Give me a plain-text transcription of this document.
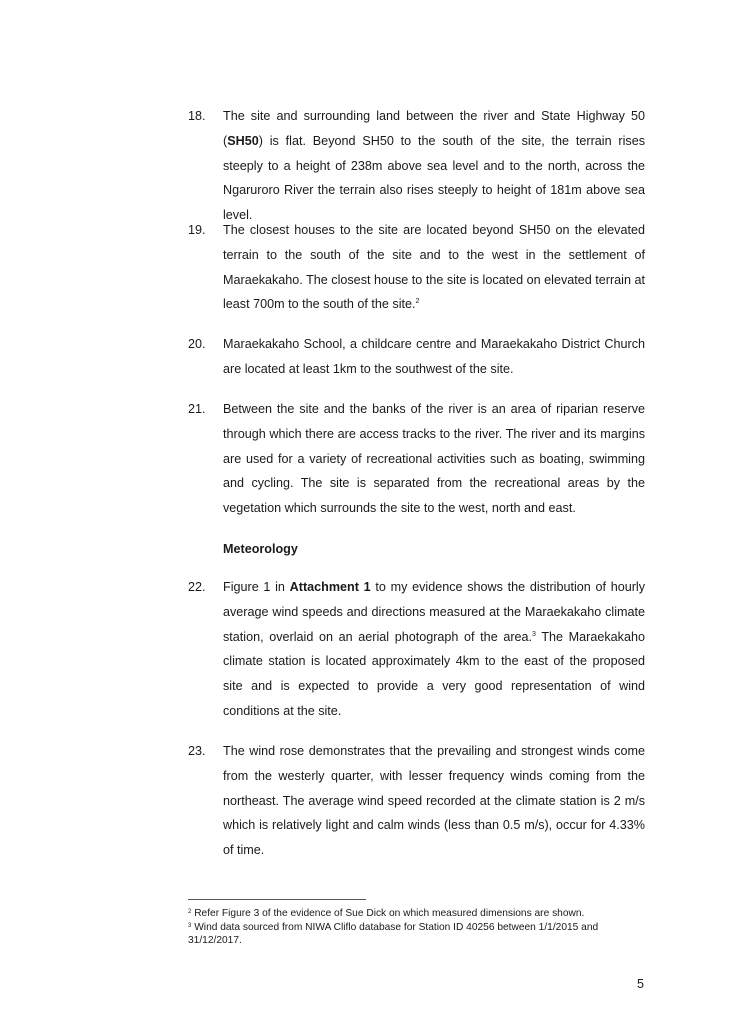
18.	The site and surrounding land between the river and State Highway 50 (SH50) is flat. Beyond SH50 to the south of the site, the terrain rises steeply to a height of 238m above sea level and to the north, across the Ngaruroro River the terrain also rises steeply to height of 181m above sea level.
19.	The closest houses to the site are located beyond SH50 on the elevated terrain to the south of the site and to the west in the settlement of Maraekakaho. The closest house to the site is located on elevated terrain at least 700m to the south of the site.$^2$
20.	Maraekakaho School, a childcare centre and Maraekakaho District Church are located at least 1km to the southwest of the site.
21.	Between the site and the banks of the river is an area of riparian reserve through which there are access tracks to the river. The river and its margins are used for a variety of recreational activities such as boating, swimming and cycling. The site is separated from the recreational areas by the vegetation which surrounds the site to the west, north and east.
Meteorology
22.	Figure 1 in Attachment 1 to my evidence shows the distribution of hourly average wind speeds and directions measured at the Maraekakaho climate station, overlaid on an aerial photograph of the area.$^3$ The Maraekakaho climate station is located approximately 4km to the east of the proposed site and is expected to provide a very good representation of wind conditions at the site.
23.	The wind rose demonstrates that the prevailing and strongest winds come from the westerly quarter, with lesser frequency winds coming from the northeast. The average wind speed recorded at the climate station is 2 m/s which is relatively light and calm winds (less than 0.5 m/s), occur for 4.33% of time.
$^2$ Refer Figure 3 of the evidence of Sue Dick on which measured dimensions are shown.
$^3$ Wind data sourced from NIWA Cliflo database for Station ID 40256 between 1/1/2015 and 31/12/2017.
5
